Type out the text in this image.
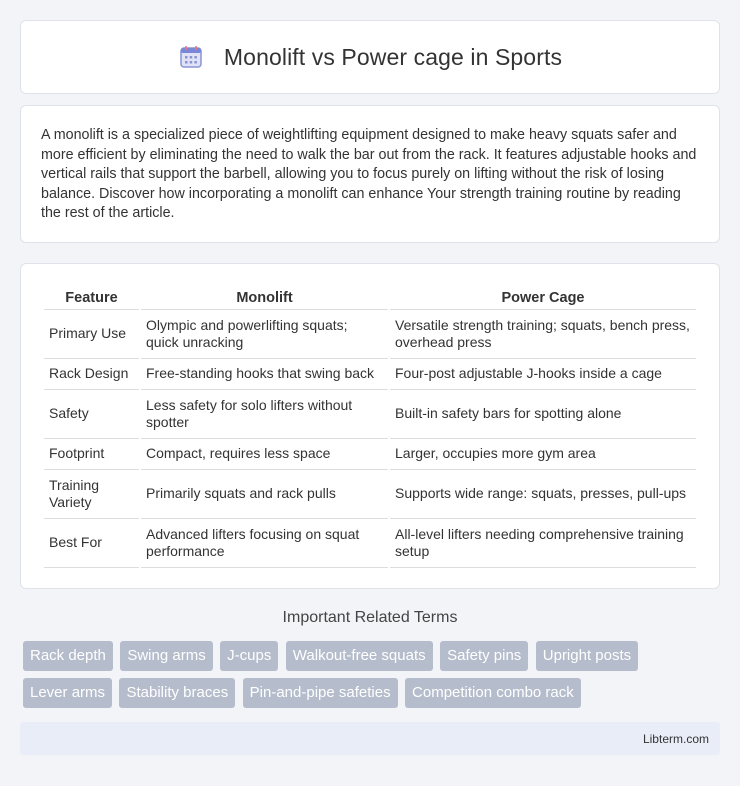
Monolift vs Power cage in Sports

A monolift is a specialized piece of weightlifting equipment designed to make heavy squats safer and more efficient by eliminating the need to walk the bar out from the rack. It features adjustable hooks and vertical rails that support the barbell, allowing you to focus purely on lifting without the risk of losing balance. Discover how incorporating a monolift can enhance Your strength training routine by reading the rest of the article.

Feature	Monolift	Power Cage
Primary Use	Olympic and powerlifting squats; quick unracking	Versatile strength training; squats, bench press, overhead press
Rack Design	Free-standing hooks that swing back	Four-post adjustable J-hooks inside a cage
Safety	Less safety for solo lifters without spotter	Built-in safety bars for spotting alone
Footprint	Compact, requires less space	Larger, occupies more gym area
Training Variety	Primarily squats and rack pulls	Supports wide range: squats, presses, pull-ups
Best For	Advanced lifters focusing on squat performance	All-level lifters needing comprehensive training setup
Important Related Terms
Rack depth Swing arms J-cups Walkout-free squats Safety pins Upright posts Lever arms Stability braces Pin-and-pipe safeties Competition combo rack
Libterm.com
